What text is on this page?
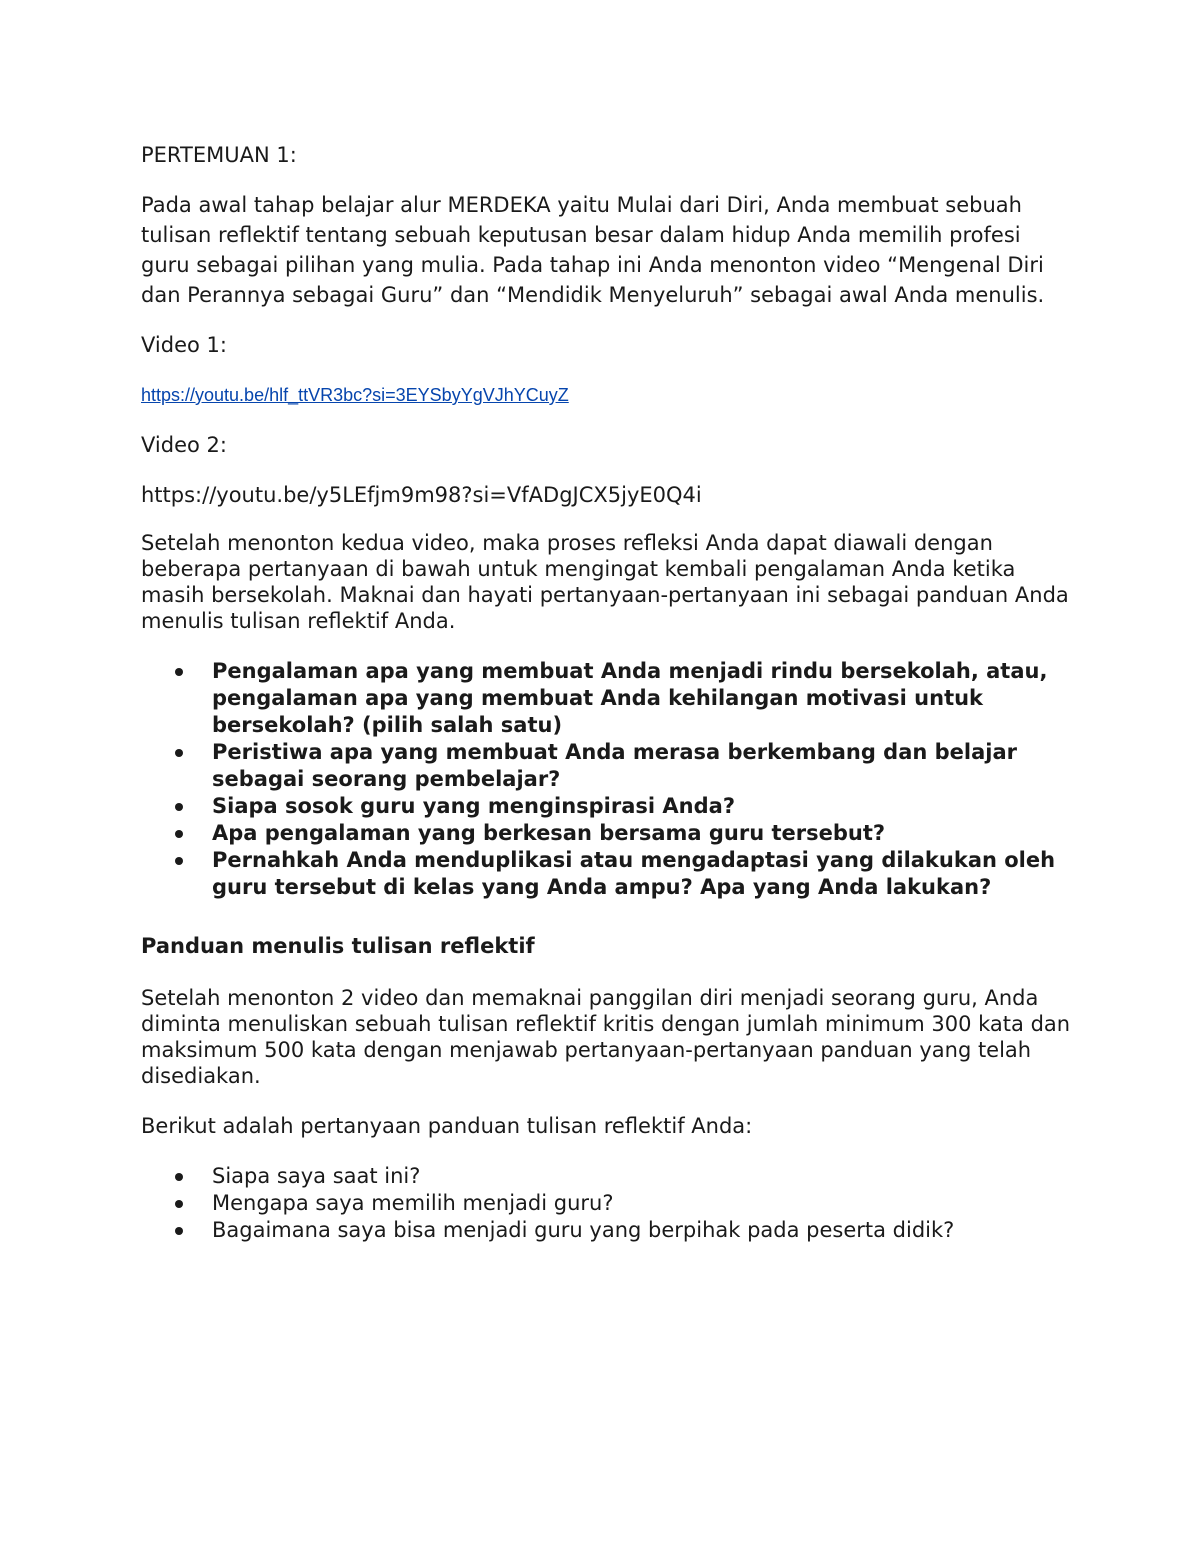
PERTEMUAN 1:

Pada awal tahap belajar alur MERDEKA yaitu Mulai dari Diri, Anda membuat sebuah tulisan reflektif tentang sebuah keputusan besar dalam hidup Anda memilih profesi guru sebagai pilihan yang mulia. Pada tahap ini Anda menonton video “Mengenal Diri dan Perannya sebagai Guru” dan “Mendidik Menyeluruh” sebagai awal Anda menulis.

Video 1:

https://youtu.be/hlf_ttVR3bc?si=3EYSbyYgVJhYCuyZ

Video 2:

https://youtu.be/y5LEfjm9m98?si=VfADgJCX5jyE0Q4i

Setelah menonton kedua video, maka proses refleksi Anda dapat diawali dengan beberapa pertanyaan di bawah untuk mengingat kembali pengalaman Anda ketika masih bersekolah. Maknai dan hayati pertanyaan-pertanyaan ini sebagai panduan Anda menulis tulisan reflektif Anda.

Pengalaman apa yang membuat Anda menjadi rindu bersekolah, atau, pengalaman apa yang membuat Anda kehilangan motivasi untuk bersekolah? (pilih salah satu)
Peristiwa apa yang membuat Anda merasa berkembang dan belajar sebagai seorang pembelajar?
Siapa sosok guru yang menginspirasi Anda?
Apa pengalaman yang berkesan bersama guru tersebut?
Pernahkah Anda menduplikasi atau mengadaptasi yang dilakukan oleh guru tersebut di kelas yang Anda ampu? Apa yang Anda lakukan?

Panduan menulis tulisan reflektif

Setelah menonton 2 video dan memaknai panggilan diri menjadi seorang guru, Anda diminta menuliskan sebuah tulisan reflektif kritis dengan jumlah minimum 300 kata dan maksimum 500 kata dengan menjawab pertanyaan-pertanyaan panduan yang telah disediakan.

Berikut adalah pertanyaan panduan tulisan reflektif Anda:

Siapa saya saat ini?
Mengapa saya memilih menjadi guru?
Bagaimana saya bisa menjadi guru yang berpihak pada peserta didik?
